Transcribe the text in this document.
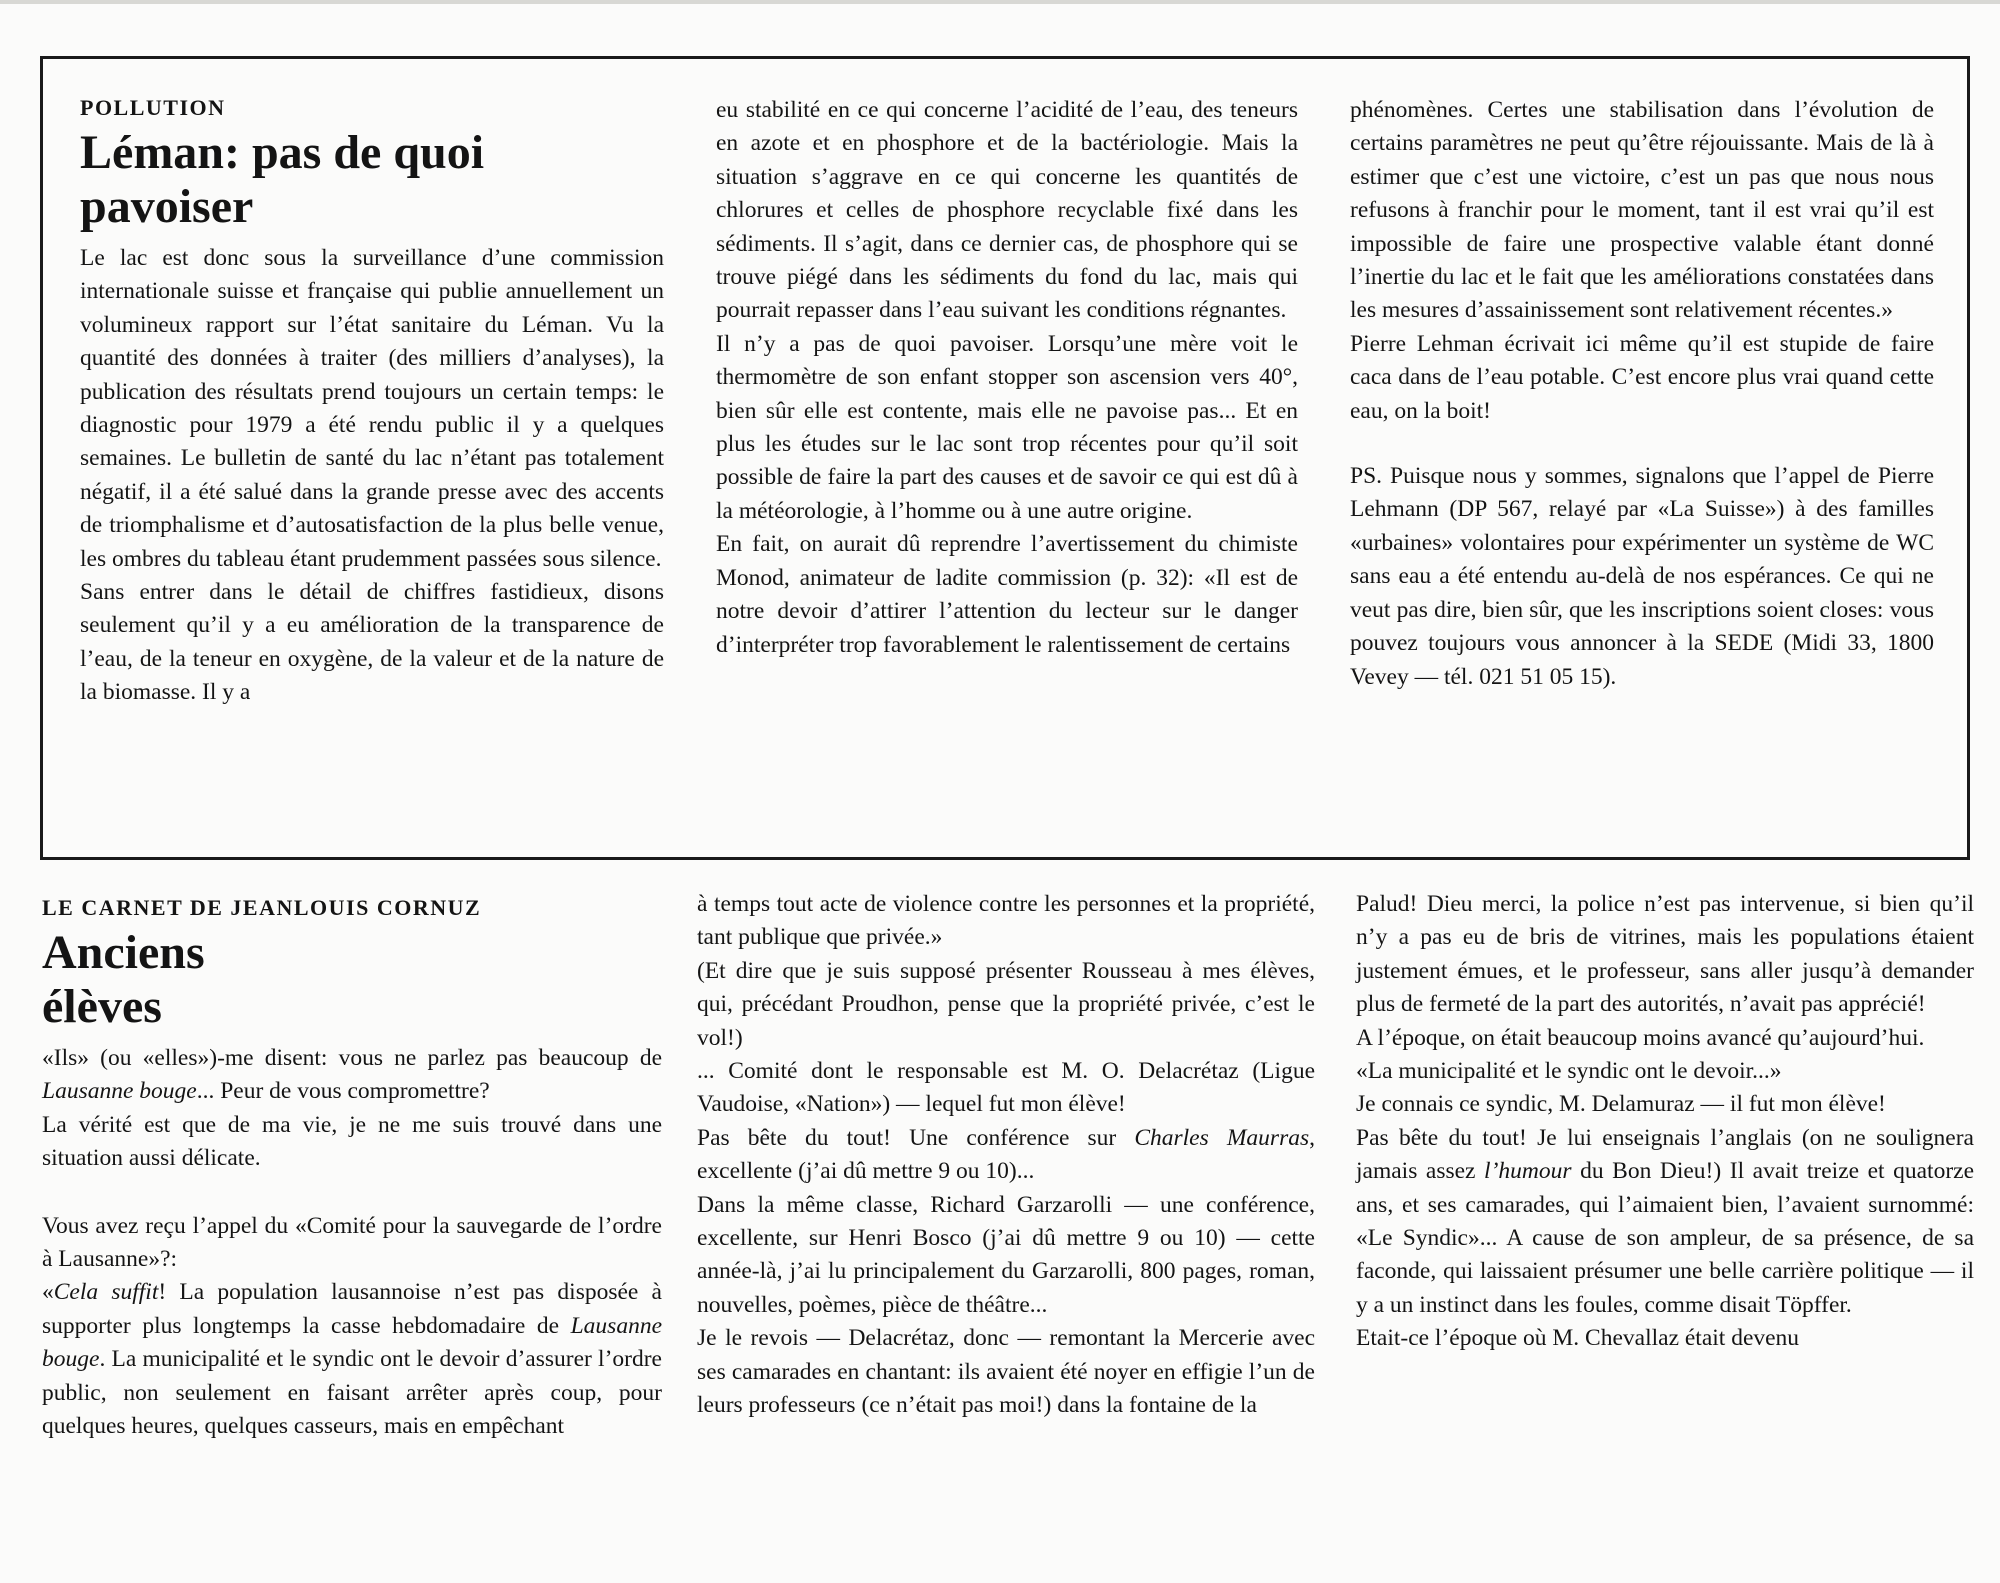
POLLUTION
Léman: pas de quoi
pavoiser

Le lac est donc sous la surveillance d’une commission internationale suisse et française qui publie annuellement un volumineux rapport sur l’état sanitaire du Léman. Vu la quantité des données à traiter (des milliers d’analyses), la publication des résultats prend toujours un certain temps: le diagnostic pour 1979 a été rendu public il y a quelques semaines. Le bulletin de santé du lac n’étant pas totalement négatif, il a été salué dans la grande presse avec des accents de triomphalisme et d’autosatisfaction de la plus belle venue, les ombres du tableau étant prudemment passées sous silence.

Sans entrer dans le détail de chiffres fastidieux, disons seulement qu’il y a eu amélioration de la transparence de l’eau, de la teneur en oxygène, de la valeur et de la nature de la biomasse. Il y a

eu stabilité en ce qui concerne l’acidité de l’eau, des teneurs en azote et en phosphore et de la bactériologie. Mais la situation s’aggrave en ce qui concerne les quantités de chlorures et celles de phosphore recyclable fixé dans les sédiments. Il s’agit, dans ce dernier cas, de phosphore qui se trouve piégé dans les sédiments du fond du lac, mais qui pourrait repasser dans l’eau suivant les conditions régnantes.

Il n’y a pas de quoi pavoiser. Lorsqu’une mère voit le thermomètre de son enfant stopper son ascension vers 40°, bien sûr elle est contente, mais elle ne pavoise pas... Et en plus les études sur le lac sont trop récentes pour qu’il soit possible de faire la part des causes et de savoir ce qui est dû à la météorologie, à l’homme ou à une autre origine.

En fait, on aurait dû reprendre l’avertissement du chimiste Monod, animateur de ladite commission (p. 32): «Il est de notre devoir d’attirer l’attention du lecteur sur le danger d’interpréter trop favorablement le ralentissement de certains

phénomènes. Certes une stabilisation dans l’évolution de certains paramètres ne peut qu’être réjouissante. Mais de là à estimer que c’est une victoire, c’est un pas que nous nous refusons à franchir pour le moment, tant il est vrai qu’il est impossible de faire une prospective valable étant donné l’inertie du lac et le fait que les améliorations constatées dans les mesures d’assainissement sont relativement récentes.»

Pierre Lehman écrivait ici même qu’il est stupide de faire caca dans de l’eau potable. C’est encore plus vrai quand cette eau, on la boit!

PS. Puisque nous y sommes, signalons que l’appel de Pierre Lehmann (DP 567, relayé par «La Suisse») à des familles «urbaines» volontaires pour expérimenter un système de WC sans eau a été entendu au-delà de nos espérances. Ce qui ne veut pas dire, bien sûr, que les inscriptions soient closes: vous pouvez toujours vous annoncer à la SEDE (Midi 33, 1800 Vevey — tél. 021 51 05 15).

LE CARNET DE JEANLOUIS CORNUZ
Anciens
élèves

«Ils» (ou «elles»)-me disent: vous ne parlez pas beaucoup de Lausanne bouge... Peur de vous compromettre?

La vérité est que de ma vie, je ne me suis trouvé dans une situation aussi délicate.

Vous avez reçu l’appel du «Comité pour la sauvegarde de l’ordre à Lausanne»?:

«Cela suffit! La population lausannoise n’est pas disposée à supporter plus longtemps la casse hebdomadaire de Lausanne bouge. La municipalité et le syndic ont le devoir d’assurer l’ordre public, non seulement en faisant arrêter après coup, pour quelques heures, quelques casseurs, mais en empêchant

à temps tout acte de violence contre les personnes et la propriété, tant publique que privée.»

(Et dire que je suis supposé présenter Rousseau à mes élèves, qui, précédant Proudhon, pense que la propriété privée, c’est le vol!)

... Comité dont le responsable est M. O. Delacrétaz (Ligue Vaudoise, «Nation») — lequel fut mon élève!

Pas bête du tout! Une conférence sur Charles Maurras, excellente (j’ai dû mettre 9 ou 10)...

Dans la même classe, Richard Garzarolli — une conférence, excellente, sur Henri Bosco (j’ai dû mettre 9 ou 10) — cette année-là, j’ai lu principalement du Garzarolli, 800 pages, roman, nouvelles, poèmes, pièce de théâtre...

Je le revois — Delacrétaz, donc — remontant la Mercerie avec ses camarades en chantant: ils avaient été noyer en effigie l’un de leurs professeurs (ce n’était pas moi!) dans la fontaine de la

Palud! Dieu merci, la police n’est pas intervenue, si bien qu’il n’y a pas eu de bris de vitrines, mais les populations étaient justement émues, et le professeur, sans aller jusqu’à demander plus de fermeté de la part des autorités, n’avait pas apprécié!

A l’époque, on était beaucoup moins avancé qu’aujourd’hui.

«La municipalité et le syndic ont le devoir...»

Je connais ce syndic, M. Delamuraz — il fut mon élève!

Pas bête du tout! Je lui enseignais l’anglais (on ne soulignera jamais assez l’humour du Bon Dieu!) Il avait treize et quatorze ans, et ses camarades, qui l’aimaient bien, l’avaient surnommé: «Le Syndic»... A cause de son ampleur, de sa présence, de sa faconde, qui laissaient présumer une belle carrière politique — il y a un instinct dans les foules, comme disait Töpffer.

Etait-ce l’époque où M. Chevallaz était devenu
